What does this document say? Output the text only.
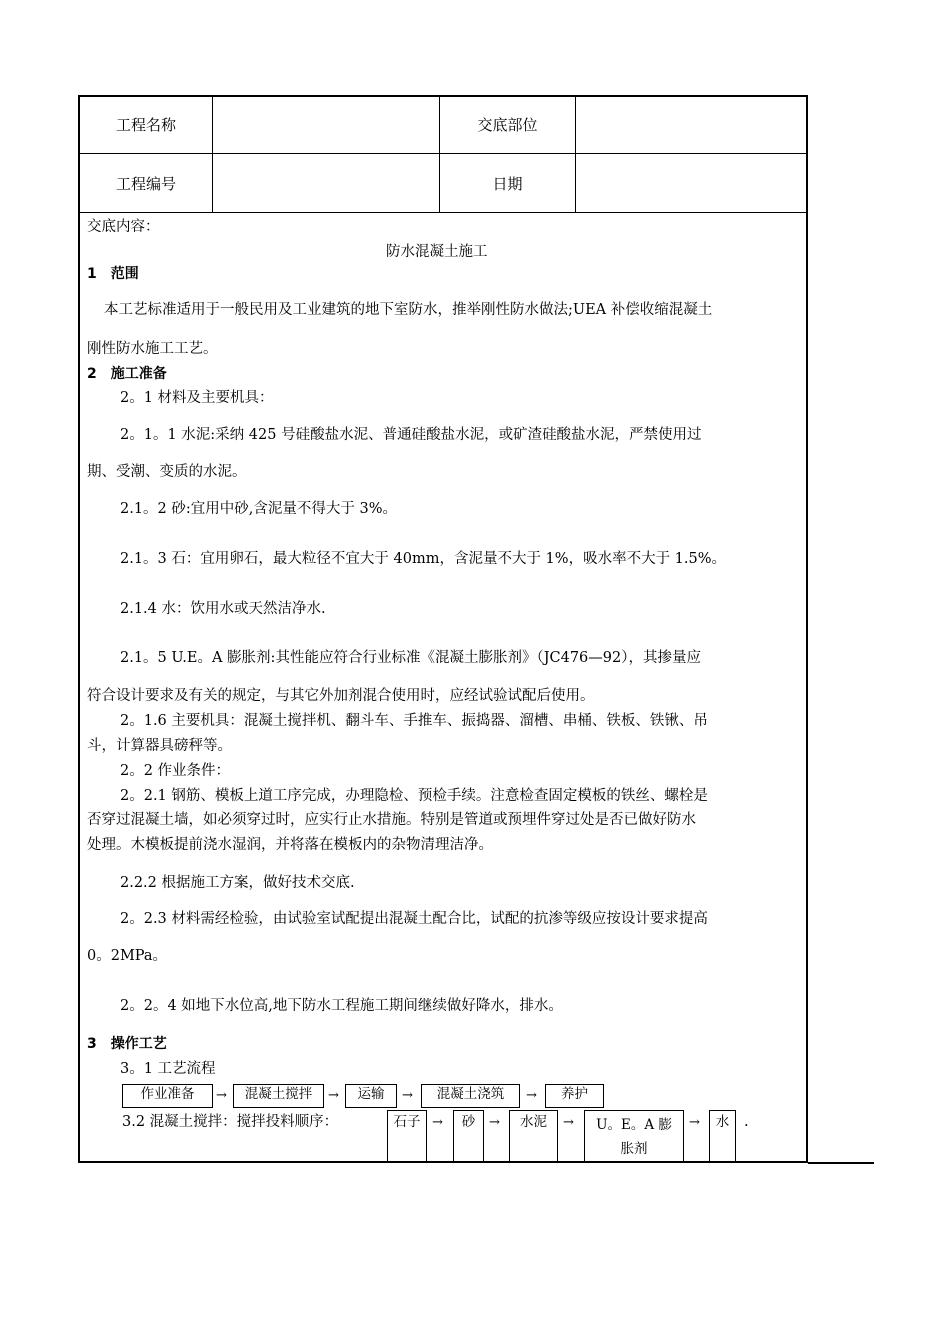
工程名称	交底部位
工程编号	日期
交底内容：
防水混凝土施工
1　范围
本工艺标准适用于一般民用及工业建筑的地下室防水，推举刚性防水做法;UEA 补偿收缩混凝土
刚性防水施工工艺。
2　施工准备
2。1 材料及主要机具：
2。1。1 水泥:采纳 425 号硅酸盐水泥、普通硅酸盐水泥，或矿渣硅酸盐水泥，严禁使用过
期、受潮、变质的水泥。
2.1。2 砂:宜用中砂,含泥量不得大于 3%。
2.1。3 石：宜用卵石，最大粒径不宜大于 40mm，含泥量不大于 1%，吸水率不大于 1.5%。
2.1.4 水：饮用水或天然洁净水.
2.1。5 U.E。A 膨胀剂:其性能应符合行业标准《混凝土膨胀剂》（JC476—92），其掺量应
符合设计要求及有关的规定，与其它外加剂混合使用时，应经试验试配后使用。
2。1.6 主要机具：混凝土搅拌机、翻斗车、手推车、振捣器、溜槽、串桶、铁板、铁锹、吊
斗，计算器具磅秤等。
2。2 作业条件：
2。2.1 钢筋、模板上道工序完成，办理隐检、预检手续。注意检查固定模板的铁丝、螺栓是
否穿过混凝土墙，如必须穿过时，应实行止水措施。特别是管道或预埋件穿过处是否已做好防水
处理。木模板提前浇水湿润，并将落在模板内的杂物清理洁净。
2.2.2 根据施工方案，做好技术交底.
2。2.3 材料需经检验，由试验室试配提出混凝土配合比，试配的抗渗等级应按设计要求提高
0。2MPa。
2。2。4 如地下水位高,地下防水工程施工期间继续做好降水，排水。
3　操作工艺
3。1 工艺流程
作业准备	→	混凝土搅拌	→	运输	→	混凝土浇筑	→	养护
3.2 混凝土搅拌：搅拌投料顺序：	石子 →	砂	→	水泥	→	U。E。A 膨胀剂
→	水	.
